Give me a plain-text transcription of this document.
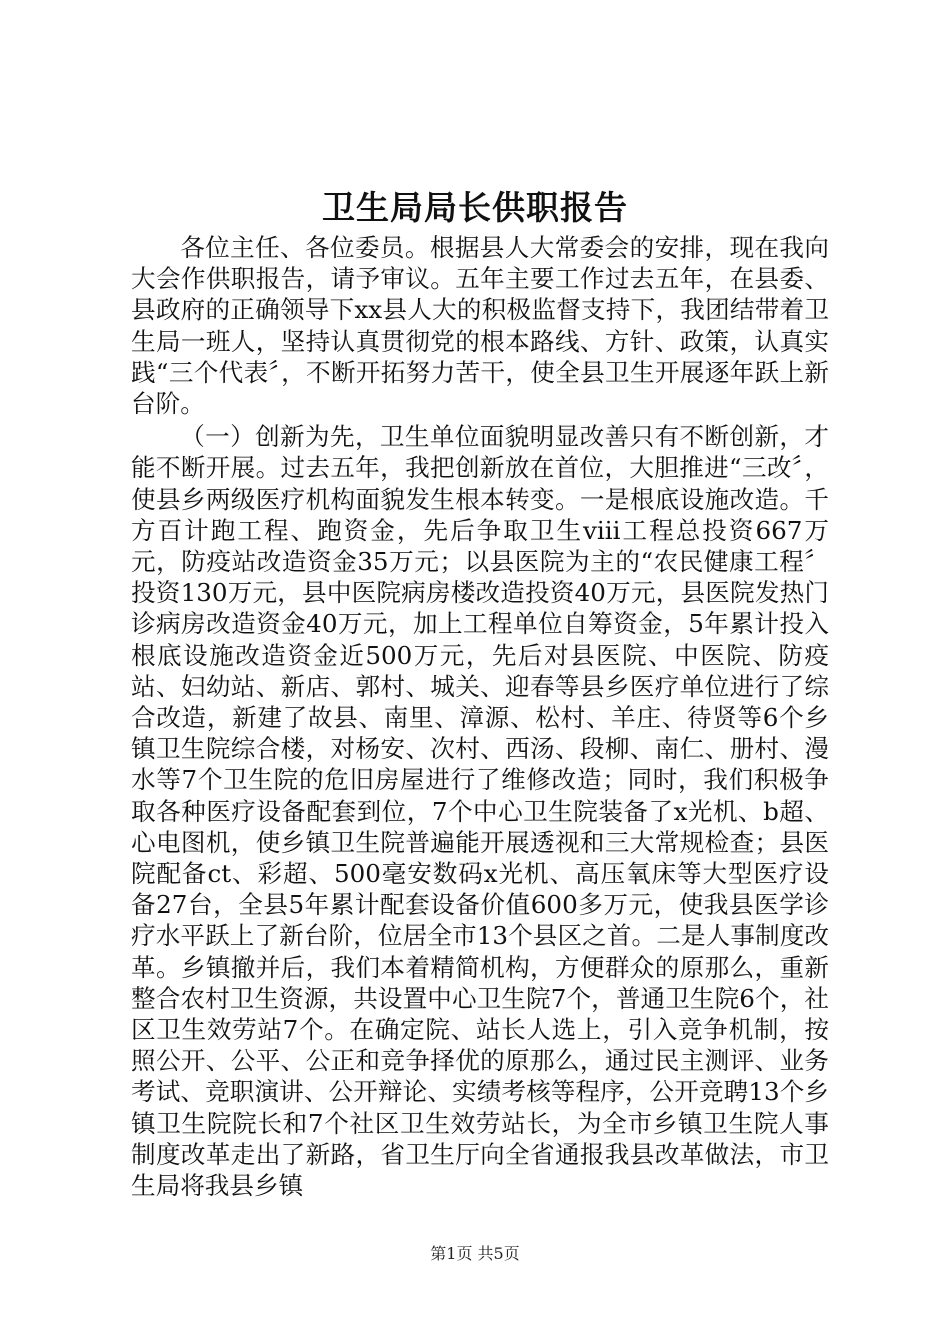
卫生局局长供职报告

各位主任、各位委员。根据县人大常委会的安排，现在我向大会作供职报告，请予审议。五年主要工作过去五年，在县委、县政府的正确领导下xx县人大的积极监督支持下，我团结带着卫生局一班人，坚持认真贯彻党的根本路线、方针、政策，认真实践“三个代表〞，不断开拓努力苦干，使全县卫生开展逐年跃上新台阶。

（一）创新为先，卫生单位面貌明显改善只有不断创新，才能不断开展。过去五年，我把创新放在首位，大胆推进“三改〞，使县乡两级医疗机构面貌发生根本转变。一是根底设施改造。千方百计跑工程、跑资金，先后争取卫生ⅷ工程总投资667万元，防疫站改造资金35万元；以县医院为主的“农民健康工程〞投资130万元，县中医院病房楼改造投资40万元，县医院发热门诊病房改造资金40万元，加上工程单位自筹资金，5年累计投入根底设施改造资金近500万元，先后对县医院、中医院、防疫站、妇幼站、新店、郭村、城关、迎春等县乡医疗单位进行了综合改造，新建了故县、南里、漳源、松村、羊庄、待贤等6个乡镇卫生院综合楼，对杨安、次村、西汤、段柳、南仁、册村、漫水等7个卫生院的危旧房屋进行了维修改造；同时，我们积极争取各种医疗设备配套到位，7个中心卫生院装备了x光机、b超、心电图机，使乡镇卫生院普遍能开展透视和三大常规检查；县医院配备ct、彩超、500毫安数码x光机、高压氧床等大型医疗设备27台，全县5年累计配套设备价值600多万元，使我县医学诊疗水平跃上了新台阶，位居全市13个县区之首。二是人事制度改革。乡镇撤并后，我们本着精简机构，方便群众的原那么，重新整合农村卫生资源，共设置中心卫生院7个，普通卫生院6个，社区卫生效劳站7个。在确定院、站长人选上，引入竞争机制，按照公开、公平、公正和竞争择优的原那么，通过民主测评、业务考试、竞职演讲、公开辩论、实绩考核等程序，公开竞聘13个乡镇卫生院院长和7个社区卫生效劳站长，为全市乡镇卫生院人事制度改革走出了新路，省卫生厅向全省通报我县改革做法，市卫生局将我县乡镇

第1页 共5页
